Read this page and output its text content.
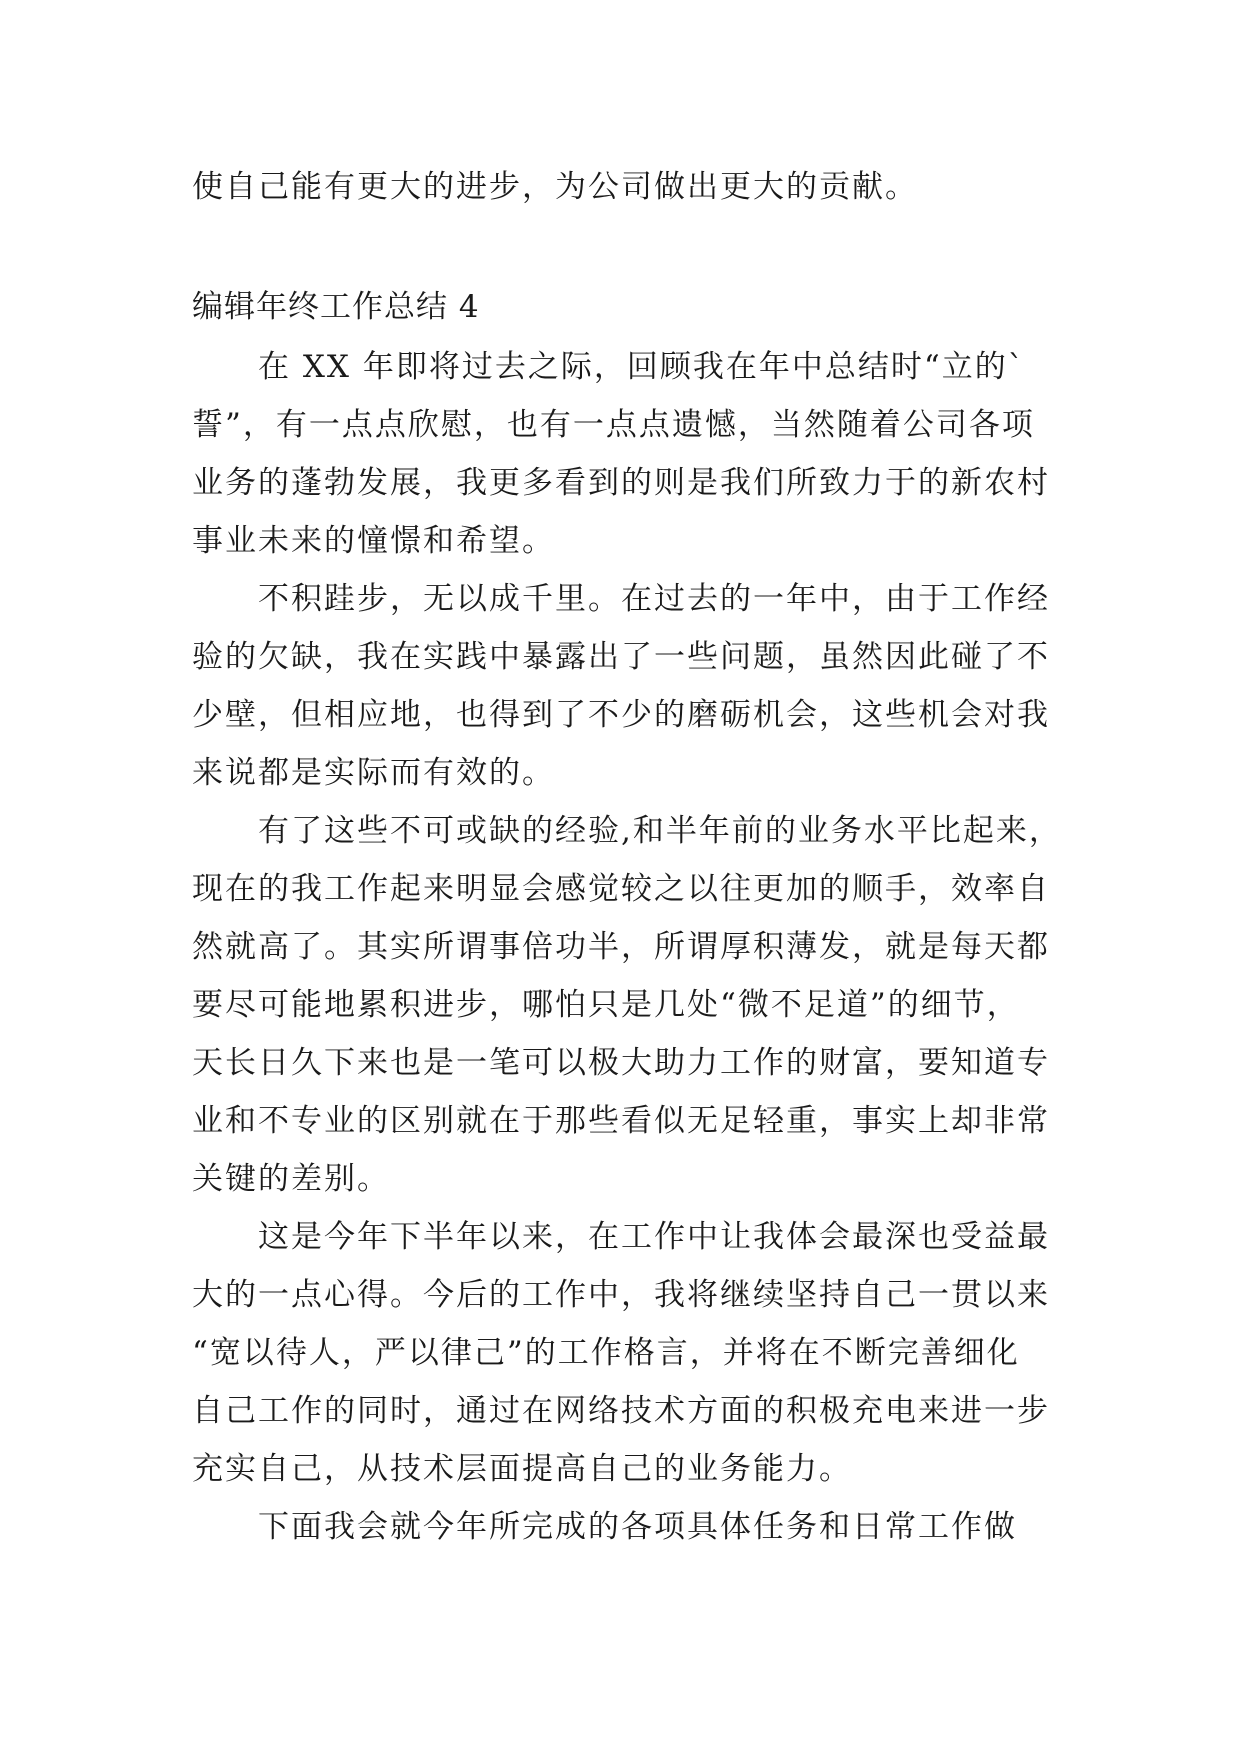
使自己能有更大的进步，为公司做出更大的贡献。

编辑年终工作总结 4

在 XX 年即将过去之际，回顾我在年中总结时“立的`

誓”，有一点点欣慰，也有一点点遗憾，当然随着公司各项

业务的蓬勃发展，我更多看到的则是我们所致力于的新农村

事业未来的憧憬和希望。

不积跬步，无以成千里。在过去的一年中，由于工作经

验的欠缺，我在实践中暴露出了一些问题，虽然因此碰了不

少壁，但相应地，也得到了不少的磨砺机会，这些机会对我

来说都是实际而有效的。

有了这些不可或缺的经验,和半年前的业务水平比起来，

现在的我工作起来明显会感觉较之以往更加的顺手，效率自

然就高了。其实所谓事倍功半，所谓厚积薄发，就是每天都

要尽可能地累积进步，哪怕只是几处“微不足道”的细节，

天长日久下来也是一笔可以极大助力工作的财富，要知道专

业和不专业的区别就在于那些看似无足轻重，事实上却非常

关键的差别。

这是今年下半年以来，在工作中让我体会最深也受益最

大的一点心得。今后的工作中，我将继续坚持自己一贯以来

“宽以待人，严以律己”的工作格言，并将在不断完善细化

自己工作的同时，通过在网络技术方面的积极充电来进一步

充实自己，从技术层面提高自己的业务能力。

下面我会就今年所完成的各项具体任务和日常工作做
